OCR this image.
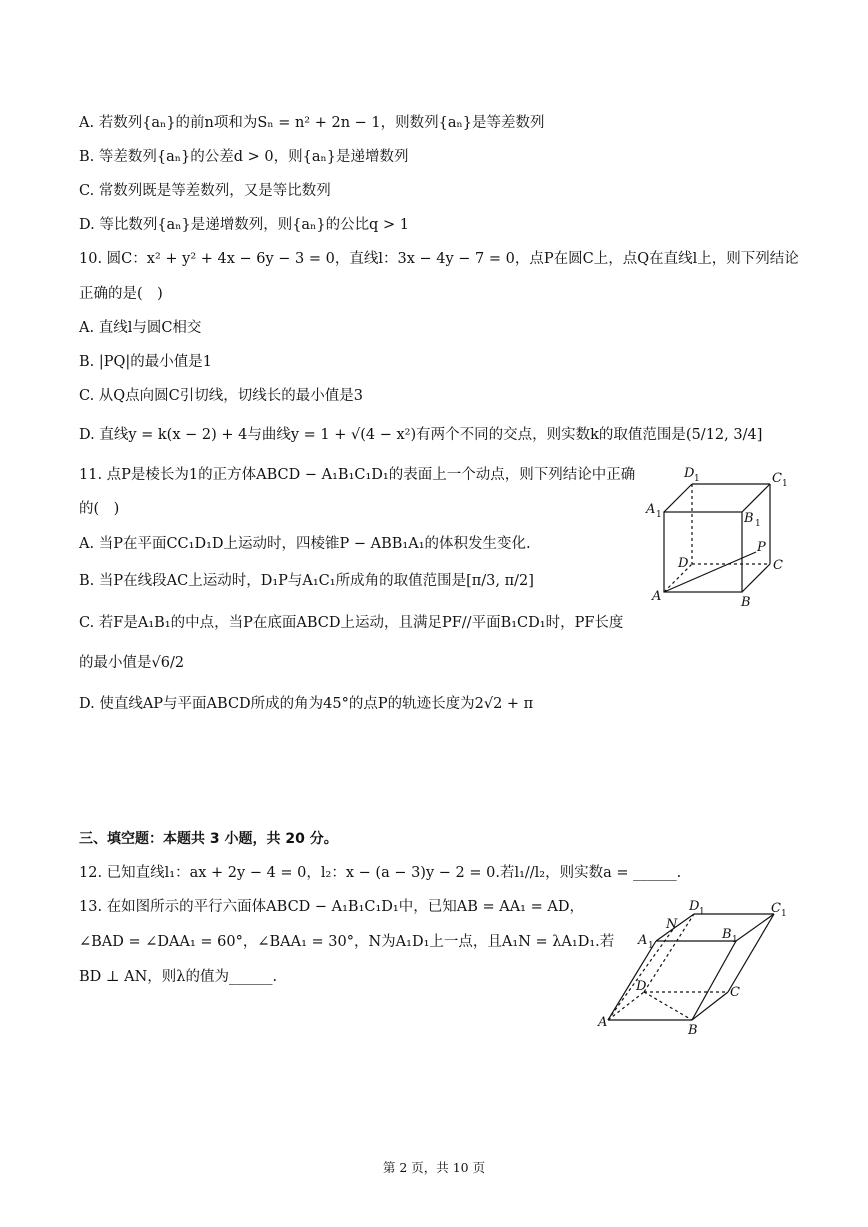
A. 若数列{aₙ}的前n项和为Sₙ = n² + 2n − 1，则数列{aₙ}是等差数列
B. 等差数列{aₙ}的公差d > 0，则{aₙ}是递增数列
C. 常数列既是等差数列，又是等比数列
D. 等比数列{aₙ}是递增数列，则{aₙ}的公比q > 1
10. 圆C：x² + y² + 4x − 6y − 3 = 0，直线l：3x − 4y − 7 = 0，点P在圆C上，点Q在直线l上，则下列结论
正确的是(　)
A. 直线l与圆C相交
B. |PQ|的最小值是1
C. 从Q点向圆C引切线，切线长的最小值是3
D. 直线y = k(x − 2) + 4与曲线y = 1 + √(4 − x²)有两个不同的交点，则实数k的取值范围是(5/12, 3/4]
11. 点P是棱长为1的正方体ABCD − A₁B₁C₁D₁的表面上一个动点，则下列结论中正确
的(　)
A. 当P在平面CC₁D₁D上运动时，四棱锥P − ABB₁A₁的体积发生变化.
B. 当P在线段AC上运动时，D₁P与A₁C₁所成角的取值范围是[π/3, π/2]
C. 若F是A₁B₁的中点，当P在底面ABCD上运动，且满足PF//平面B₁CD₁时，PF长度
的最小值是√6/2
D. 使直线AP与平面ABCD所成的角为45°的点P的轨迹长度为2√2 + π
D 1	C 1
A 1	B 1
P
D	C
A	B
三、填空题：本题共 3 小题，共 20 分。
12. 已知直线l₁：ax + 2y − 4 = 0，l₂：x − (a − 3)y − 2 = 0.若l₁//l₂，则实数a = ______.
13. 在如图所示的平行六面体ABCD − A₁B₁C₁D₁中，已知AB = AA₁ = AD，
∠BAD = ∠DAA₁ = 60°，∠BAA₁ = 30°，N为A₁D₁上一点，且A₁N = λA₁D₁.若
BD ⊥ AN，则λ的值为______.
N
D 1	C 1
A 1
B 1
D	C
A
B
第 2 页，共 10 页
